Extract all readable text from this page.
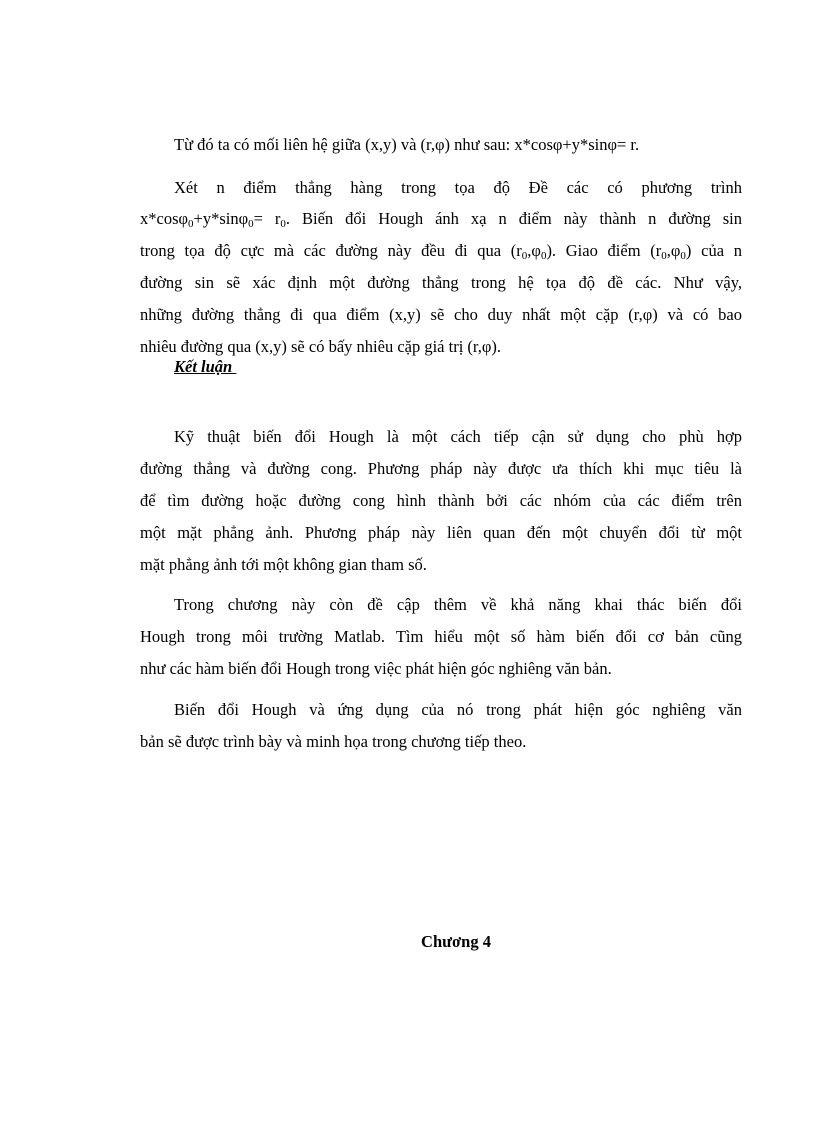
Kết luận
Chương 4
Từ đó ta có mối liên hệ giữa (x,y) và (r,φ) như sau: x*cosφ+y*sinφ= r.
Xét n điểm thẳng hàng trong tọa độ Đề các có phương trình
$x*\cos\varphi_0+y*\sin\varphi_0= r_0$. Biến đổi Hough ánh xạ n điểm này thành n đường sin
trong tọa độ cực mà các đường này đều đi qua $(r_0,\varphi_0)$. Giao điểm $(r_0,\varphi_0)$ của n
đường sin sẽ xác định một đường thẳng trong hệ tọa độ đề các. Như vậy,
những đường thẳng đi qua điểm (x,y) sẽ cho duy nhất một cặp (r,φ) và có bao
nhiêu đường qua (x,y) sẽ có bấy nhiêu cặp giá trị (r,φ).
Kỹ thuật biến đổi Hough là một cách tiếp cận sử dụng cho phù hợp
đường thẳng và đường cong. Phương pháp này được ưa thích khi mục tiêu là
để tìm đường hoặc đường cong hình thành bởi các nhóm của các điểm trên
một mặt phẳng ảnh. Phương pháp này liên quan đến một chuyển đổi từ một
mặt phẳng ảnh tới một không gian tham số.
Trong chương này còn đề cập thêm về khả năng khai thác biến đổi
Hough trong môi trường Matlab. Tìm hiểu một số hàm biến đổi cơ bản cũng
như các hàm biến đổi Hough trong việc phát hiện góc nghiêng văn bản.
Biến đổi Hough và ứng dụng của nó trong phát hiện góc nghiêng văn
bản sẽ được trình bày và minh họa trong chương tiếp theo.
